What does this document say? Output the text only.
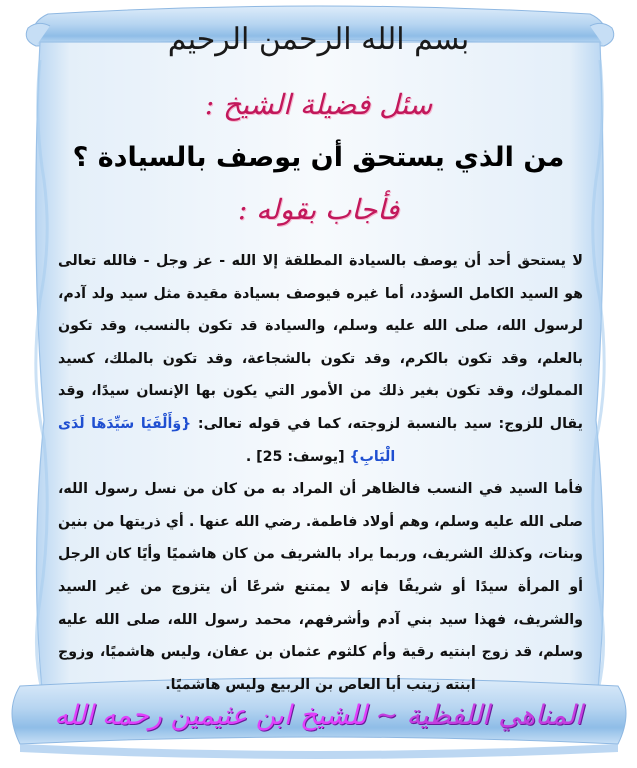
بسم الله الرحمن الرحيم
سئل فضيلة الشيخ :
من الذي يستحق أن يوصف بالسيادة ؟
فأجاب بقوله :

لا يستحق أحد أن يوصف بالسيادة المطلقة إلا الله - عز وجل - فالله تعالى هو السيد الكامل السؤدد، أما غيره فيوصف بسيادة مقيدة مثل سيد ولد آدم، لرسول الله، صلى الله عليه وسلم، والسيادة قد تكون بالنسب، وقد تكون بالعلم، وقد تكون بالكرم، وقد تكون بالشجاعة، وقد تكون بالملك، كسيد المملوك، وقد تكون بغير ذلك من الأمور التي يكون بها الإنسان سيدًا، وقد يقال للزوج: سيد بالنسبة لزوجته، كما في قوله تعالى: {وَأَلْفَيَا سَيِّدَهَا لَدَى الْبَابِ} [يوسف: 25] .

فأما السيد في النسب فالظاهر أن المراد به من كان من نسل رسول الله، صلى الله عليه وسلم، وهم أولاد فاطمة. رضي الله عنها . أي ذريتها من بنين وبنات، وكذلك الشريف، وربما يراد بالشريف من كان هاشميًا وأيًا كان الرجل أو المرأة سيدًا أو شريفًا فإنه لا يمتنع شرعًا أن يتزوج من غير السيد والشريف، فهذا سيد بني آدم وأشرفهم، محمد رسول الله، صلى الله عليه وسلم، قد زوج ابنتيه رقية وأم كلثوم عثمان بن عفان، وليس هاشميًا، وزوج ابنته زينب أبا العاص بن الربيع وليس هاشميًا.

المناهي اللفظية ~ للشيخ ابن عثيمين رحمه الله
